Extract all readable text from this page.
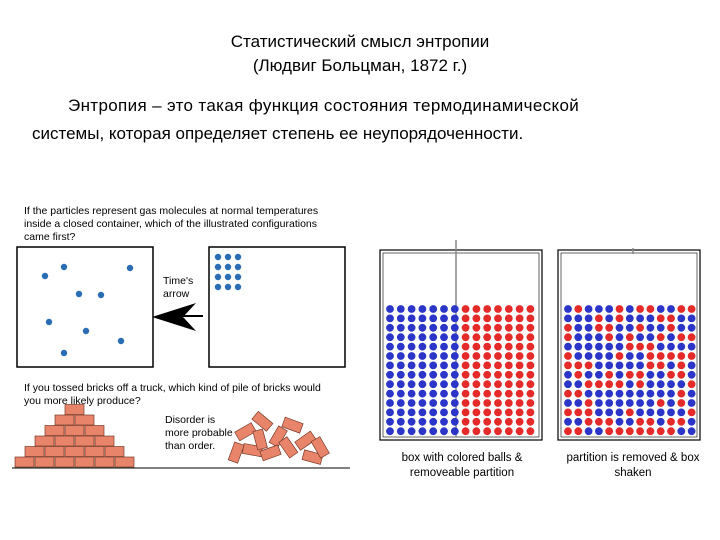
Статистический смысл энтропии
(Людвиг Больцман, 1872 г.)
Энтропия – это такая функция состояния термодинамической
системы, которая определяет степень ее неупорядоченности.
If the particles represent gas molecules at normal temperatures inside a closed container, which of the illustrated configurations came first?
Time's arrow
If you tossed bricks off a truck, which kind of pile of bricks would you more likely produce?
Disorder is more probable than order.
box with colored balls & removeable partition
partition is removed & box shaken
